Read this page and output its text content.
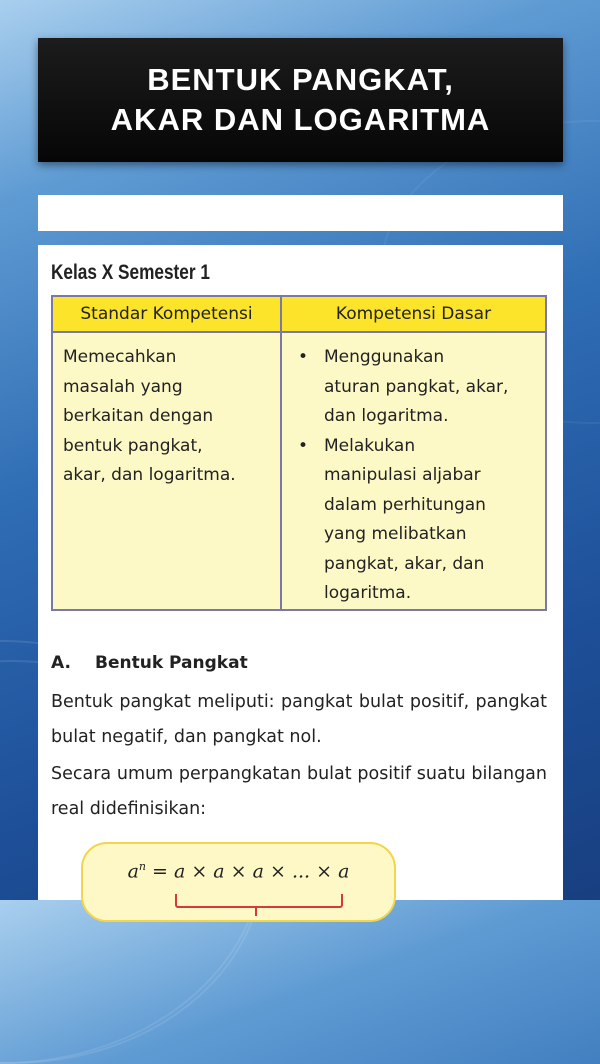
BENTUK PANGKAT,
AKAR DAN LOGARITMA
Kelas X Semester 1
Standar Kompetensi	Kompetensi Dasar
Memecahkan
masalah yang
berkaitan dengan
bentuk pangkat,
akar, dan logaritma.
• Menggunakan
aturan pangkat, akar,
dan logaritma.
• Melakukan
manipulasi aljabar
dalam perhitungan
yang melibatkan
pangkat, akar, dan
logaritma.
A. Bentuk Pangkat
Bentuk pangkat meliputi: pangkat bulat positif, pangkat bulat negatif, dan pangkat nol.
Secara umum perpangkatan bulat positif suatu bilangan real didefinisikan:
$a^n = a \times a \times a$ × ... × a
